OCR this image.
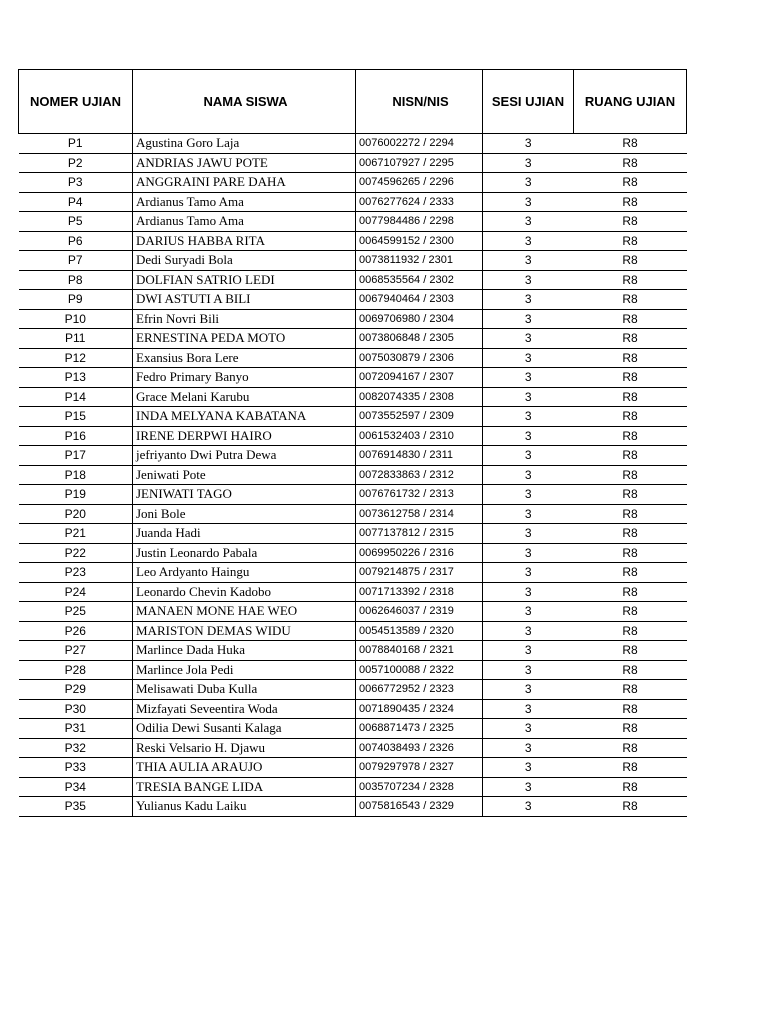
NOMER UJIAN	NAMA SISWA	NISN/NIS	SESI UJIAN	RUANG UJIAN
P1	Agustina Goro Laja	0076002272 / 2294	3	R8
P2	ANDRIAS JAWU POTE	0067107927 / 2295	3	R8
P3	ANGGRAINI PARE DAHA	0074596265 / 2296	3	R8
P4	Ardianus Tamo Ama	0076277624 / 2333	3	R8
P5	Ardianus Tamo Ama	0077984486 / 2298	3	R8
P6	DARIUS HABBA RITA	0064599152 / 2300	3	R8
P7	Dedi Suryadi Bola	0073811932 / 2301	3	R8
P8	DOLFIAN SATRIO LEDI	0068535564 / 2302	3	R8
P9	DWI ASTUTI A BILI	0067940464 / 2303	3	R8
P10	Efrin Novri Bili	0069706980 / 2304	3	R8
P11	ERNESTINA PEDA MOTO	0073806848 / 2305	3	R8
P12	Exansius Bora Lere	0075030879 / 2306	3	R8
P13	Fedro Primary Banyo	0072094167 / 2307	3	R8
P14	Grace Melani Karubu	0082074335 / 2308	3	R8
P15	INDA MELYANA KABATANA	0073552597 / 2309	3	R8
P16	IRENE DERPWI HAIRO	0061532403 / 2310	3	R8
P17	jefriyanto Dwi Putra Dewa	0076914830 / 2311	3	R8
P18	Jeniwati Pote	0072833863 / 2312	3	R8
P19	JENIWATI TAGO	0076761732 / 2313	3	R8
P20	Joni Bole	0073612758 / 2314	3	R8
P21	Juanda Hadi	0077137812 / 2315	3	R8
P22	Justin Leonardo Pabala	0069950226 / 2316	3	R8
P23	Leo Ardyanto Haingu	0079214875 / 2317	3	R8
P24	Leonardo Chevin Kadobo	0071713392 / 2318	3	R8
P25	MANAEN MONE HAE WEO	0062646037 / 2319	3	R8
P26	MARISTON DEMAS WIDU	0054513589 / 2320	3	R8
P27	Marlince Dada Huka	0078840168 / 2321	3	R8
P28	Marlince Jola Pedi	0057100088 / 2322	3	R8
P29	Melisawati Duba Kulla	0066772952 / 2323	3	R8
P30	Mizfayati Seveentira Woda	0071890435 / 2324	3	R8
P31	Odilia Dewi Susanti Kalaga	0068871473 / 2325	3	R8
P32	Reski Velsario H. Djawu	0074038493 / 2326	3	R8
P33	THIA AULIA ARAUJO	0079297978 / 2327	3	R8
P34	TRESIA BANGE LIDA	0035707234 / 2328	3	R8
P35	Yulianus Kadu Laiku	0075816543 / 2329	3	R8
